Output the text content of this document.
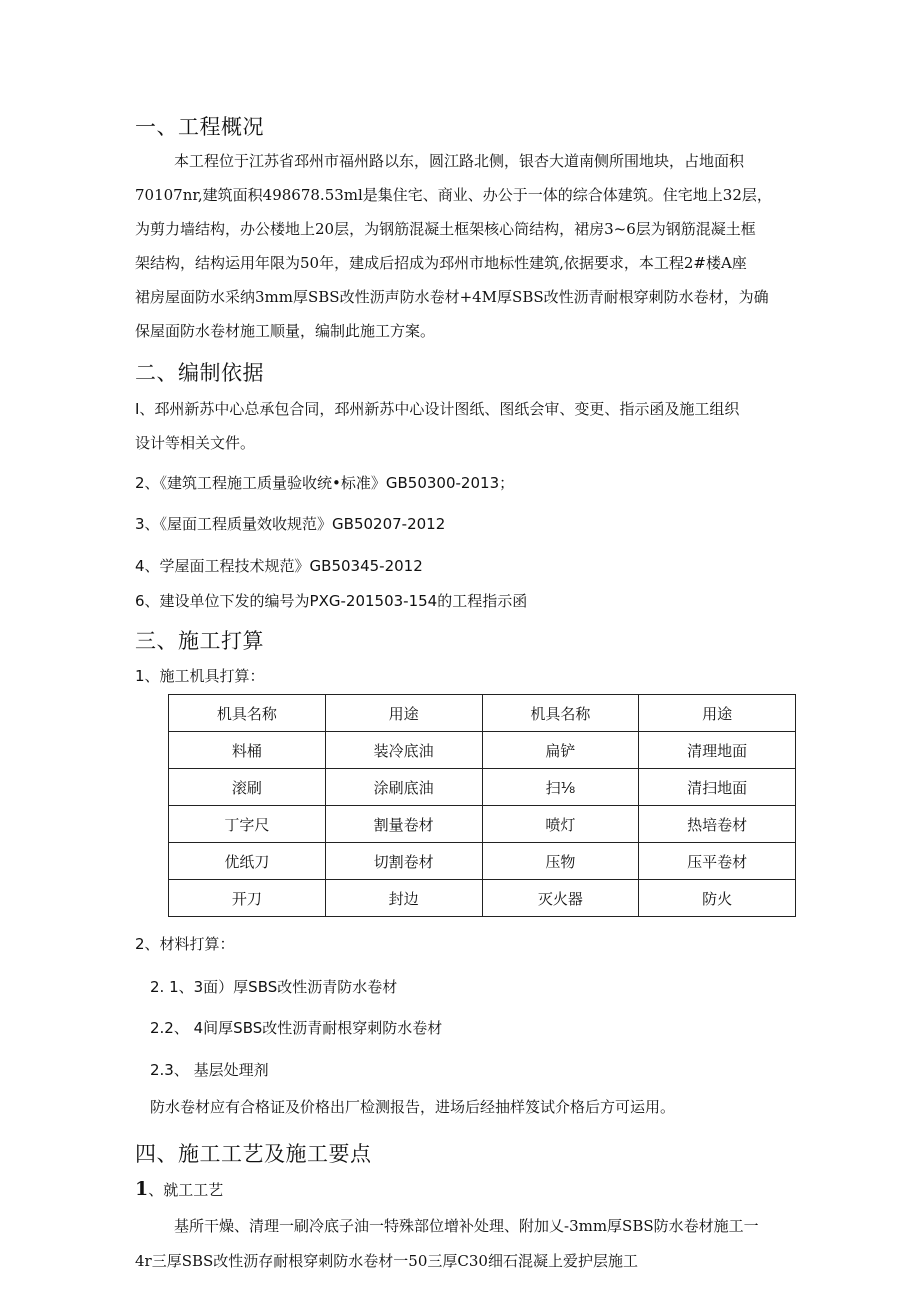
一、工程概况
本工程位于江苏省邳州市福州路以东，圆江路北侧，银杏大道南侧所围地块，占地面积
70107nr,建筑面积498678.53ml是集住宅、商业、办公于一体的综合体建筑。住宅地上32层，
为剪力墙结构，办公楼地上20层，为钢筋混凝土框架核心筒结构，裙房3~6层为钢筋混凝土框
架结构，结构运用年限为50年，建成后招成为邳州市地标性建筑,依据要求，本工程2#楼A座
裙房屋面防水采纳3mm厚SBS改性沥声防水卷材+4M厚SBS改性沥青耐根穿刺防水卷材，为确
保屋面防水卷材施工顺量，编制此施工方案。
二、编制依据
I、邳州新苏中心总承包合同，邳州新苏中心设计图纸、图纸会审、变更、指示函及施工组织
设计等相关文件。
2、《建筑工程施工质量验收统•标准》GB50300-2013；
3、《屋面工程质量效收规范》GB50207-2012
4、学屋面工程技术规范》GB50345-2012
6、建设单位下发的编号为PXG-201503-154的工程指示函
三、施工打算
1、施工机具打算：
机具名称	用途	机具名称	用途
料桶	装冷底油	扁铲	清理地面
滚刷	涂刷底油	扫⅛	清扫地面
丁字尺	割量卷材	喷灯	热培卷材
优纸刀	切割卷材	压物	压平卷材
开刀	封边	灭火器	防火
2、材料打算：
2. 1、3面）厚SBS改性沥青防水卷材
2.2、 4间厚SBS改性沥青耐根穿刺防水卷材
2.3、 基层处理剂
防水卷材应有合格证及价格出厂检测报告，进场后经抽样笈试介格后方可运用。
四、施工工艺及施工要点
1、就工工艺
基所干燥、清理一刷冷底子油一特殊部位增补处理、附加乂-3mm厚SBS防水卷材施工一
4r三厚SBS改性沥存耐根穿刺防水卷材一50三厚C30细石混凝上爱护层施工
